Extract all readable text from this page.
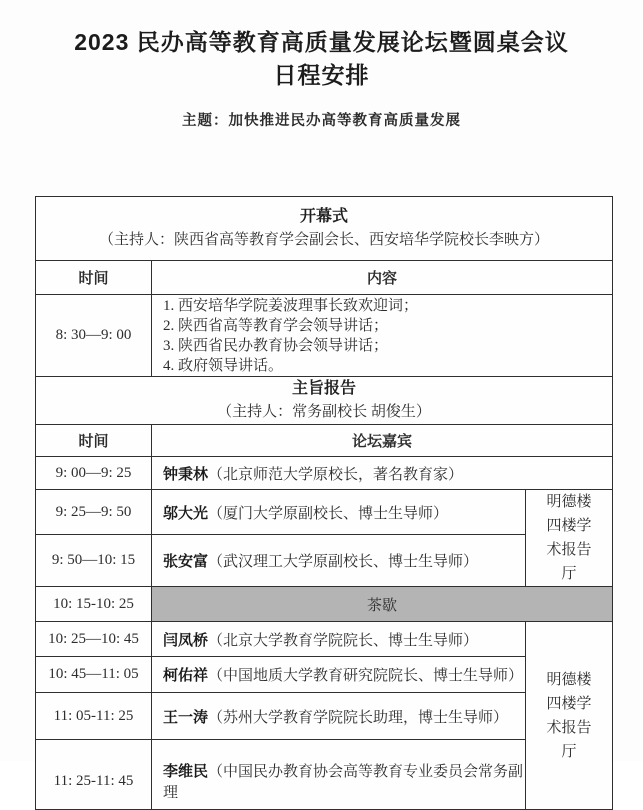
2023 民办高等教育高质量发展论坛暨圆桌会议
日程安排
主题：加快推进民办高等教育高质量发展
开幕式
（主持人：陕西省高等教育学会副会长、西安培华学院校长李映方）		

时间	内容	
8: 30—9: 00	1. 西安培华学院姜波理事长致欢迎词；
2. 陕西省高等教育学会领导讲话；
3. 陕西省民办教育协会领导讲话；
4. 政府领导讲话。	

主旨报告
（主持人：常务副校长 胡俊生）		

时间	论坛嘉宾	
9: 00—9: 25	钟秉林（北京师范大学原校长，著名教育家）	
9: 25—9: 50	邬大光（厦门大学原副校长、博士生导师）	明德楼四楼学术报告厅
9: 50—10: 15	张安富（武汉理工大学原副校长、博士生导师）	
10: 15-10: 25	茶歇	
10: 25—10: 45	闫凤桥（北京大学教育学院院长、博士生导师）	明德楼四楼学术报告厅
10: 45—11: 05	柯佑祥（中国地质大学教育研究院院长、博士生导师）	
11: 05-11: 25	王一涛（苏州大学教育学院院长助理，博士生导师）	
11: 25-11: 45	李维民（中国民办教育协会高等教育专业委员会常务副理	
